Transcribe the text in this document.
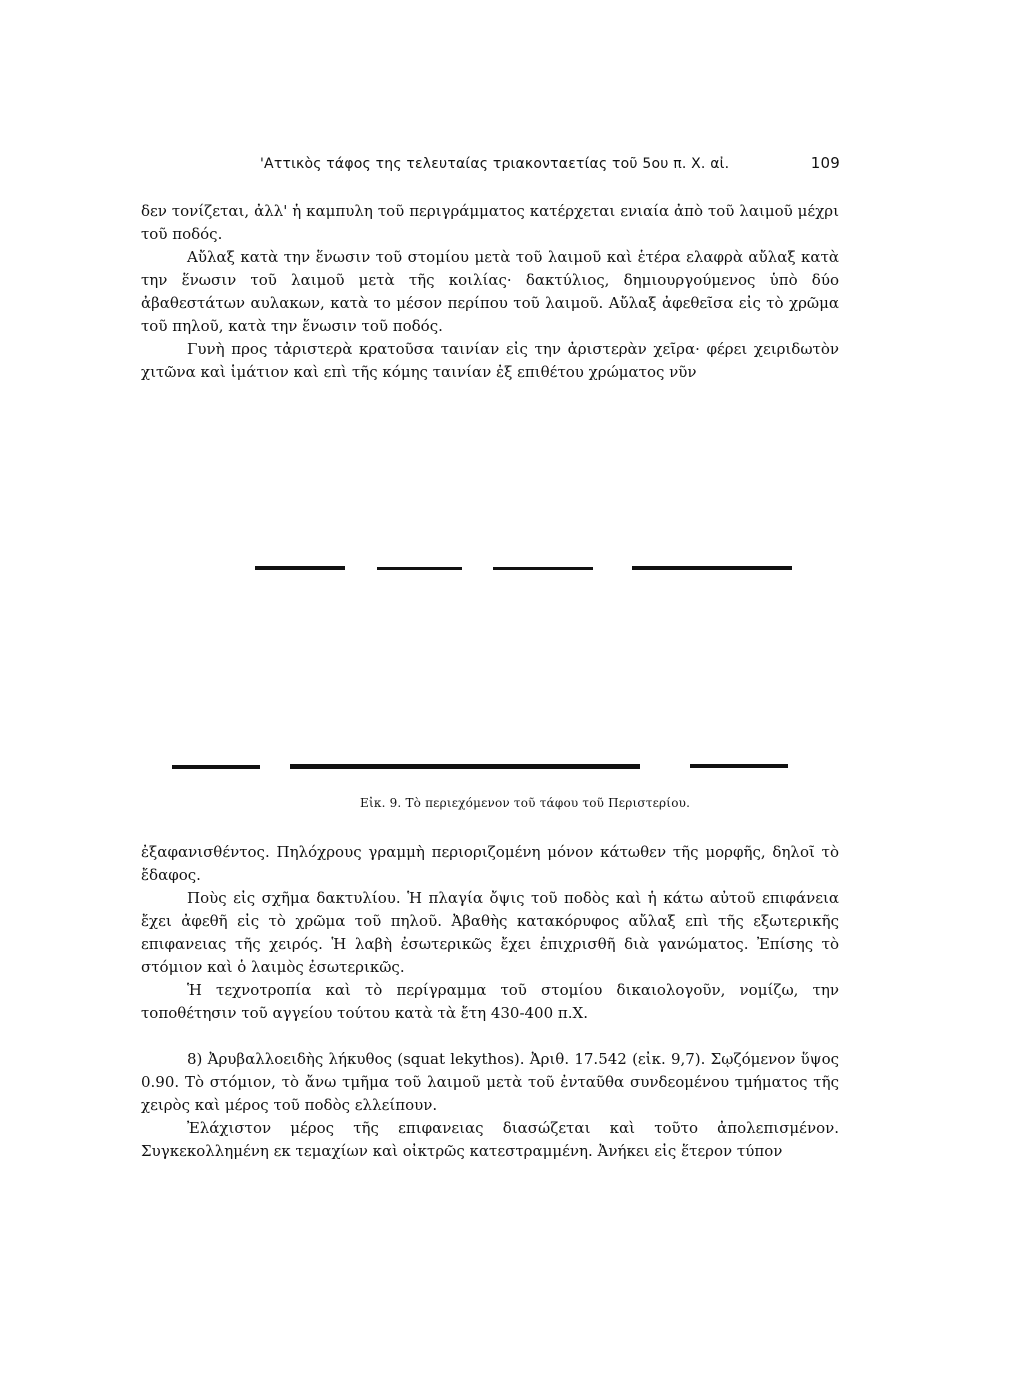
'Αττικὸς τάφος της τελευταίας τριακονταετίας τοῦ 5ου π. Χ. αἰ.	109

δεν τονίζεται, ἀλλ' ἡ καμπυλη τοῦ περιγράμματος κατέρχεται ενιαία ἀπὸ τοῦ λαιμοῦ μέχρι τοῦ ποδός.

Αὔλαξ κατὰ την ἕνωσιν τοῦ στομίου μετὰ τοῦ λαιμοῦ καὶ ἑτέρα ελαφρὰ αὔλαξ κατὰ την ἕνωσιν τοῦ λαιμοῦ μετὰ τῆς κοιλίας· δακτύλιος, δημιουργούμενος ὑπὸ δύο ἀβαθεστάτων αυλακων, κατὰ το μέσον περίπου τοῦ λαιμοῦ. Αὔλαξ ἀφεθεῖσα εἰς τὸ χρῶμα τοῦ πηλοῦ, κατὰ την ἕνωσιν τοῦ ποδός.

Γυνὴ προς τἀριστερὰ κρατοῦσα ταινίαν εἰς την ἀριστερὰν χεῖρα· φέρει χειριδωτὸν χιτῶνα καὶ ἱμάτιον καὶ επὶ τῆς κόμης ταινίαν ἐξ επιθέτου χρώματος νῦν

Εἰκ. 9. Τὸ περιεχόμενον τοῦ τάφου τοῦ Περιστερίου.

ἐξαφανισθέντος. Πηλόχρους γραμμὴ περιοριζομένη μόνον κάτωθεν τῆς μορφῆς, δηλοῖ τὸ ἔδαφος.

Ποὺς εἰς σχῆμα δακτυλίου. Ἡ πλαγία ὄψις τοῦ ποδὸς καὶ ἡ κάτω αὐτοῦ επιφάνεια ἔχει ἀφεθῆ εἰς τὸ χρῶμα τοῦ πηλοῦ. Ἀβαθὴς κατακόρυφος αὔλαξ επὶ τῆς εξωτερικῆς επιφανειας τῆς χειρός. Ἡ λαβὴ ἐσωτερικῶς ἔχει ἐπιχρισθῆ διὰ γανώματος. Ἐπίσης τὸ στόμιον καὶ ὁ λαιμὸς ἐσωτερικῶς.

Ἡ τεχνοτροπία καὶ τὸ περίγραμμα τοῦ στομίου δικαιολογοῦν, νομίζω, την τοποθέτησιν τοῦ αγγείου τούτου κατὰ τὰ ἔτη 430-400 π.Χ.

8) Ἀρυβαλλοειδὴς λήκυθος (squat lekythos). Ἀριθ. 17.542 (εἰκ. 9,7). Σῳζόμενον ὕψος 0.90. Τὸ στόμιον, τὸ ἄνω τμῆμα τοῦ λαιμοῦ μετὰ τοῦ ἐνταῦθα συνδεομένου τμήματος τῆς χειρὸς καὶ μέρος τοῦ ποδὸς ελλείπουν.

Ἐλάχιστον μέρος τῆς επιφανειας διασώζεται καὶ τοῦτο ἀπολεπισμένον. Συγκεκολλημένη εκ τεμαχίων καὶ οἰκτρῶς κατεστραμμένη. Ἀνήκει εἰς ἕτερον τύπον
